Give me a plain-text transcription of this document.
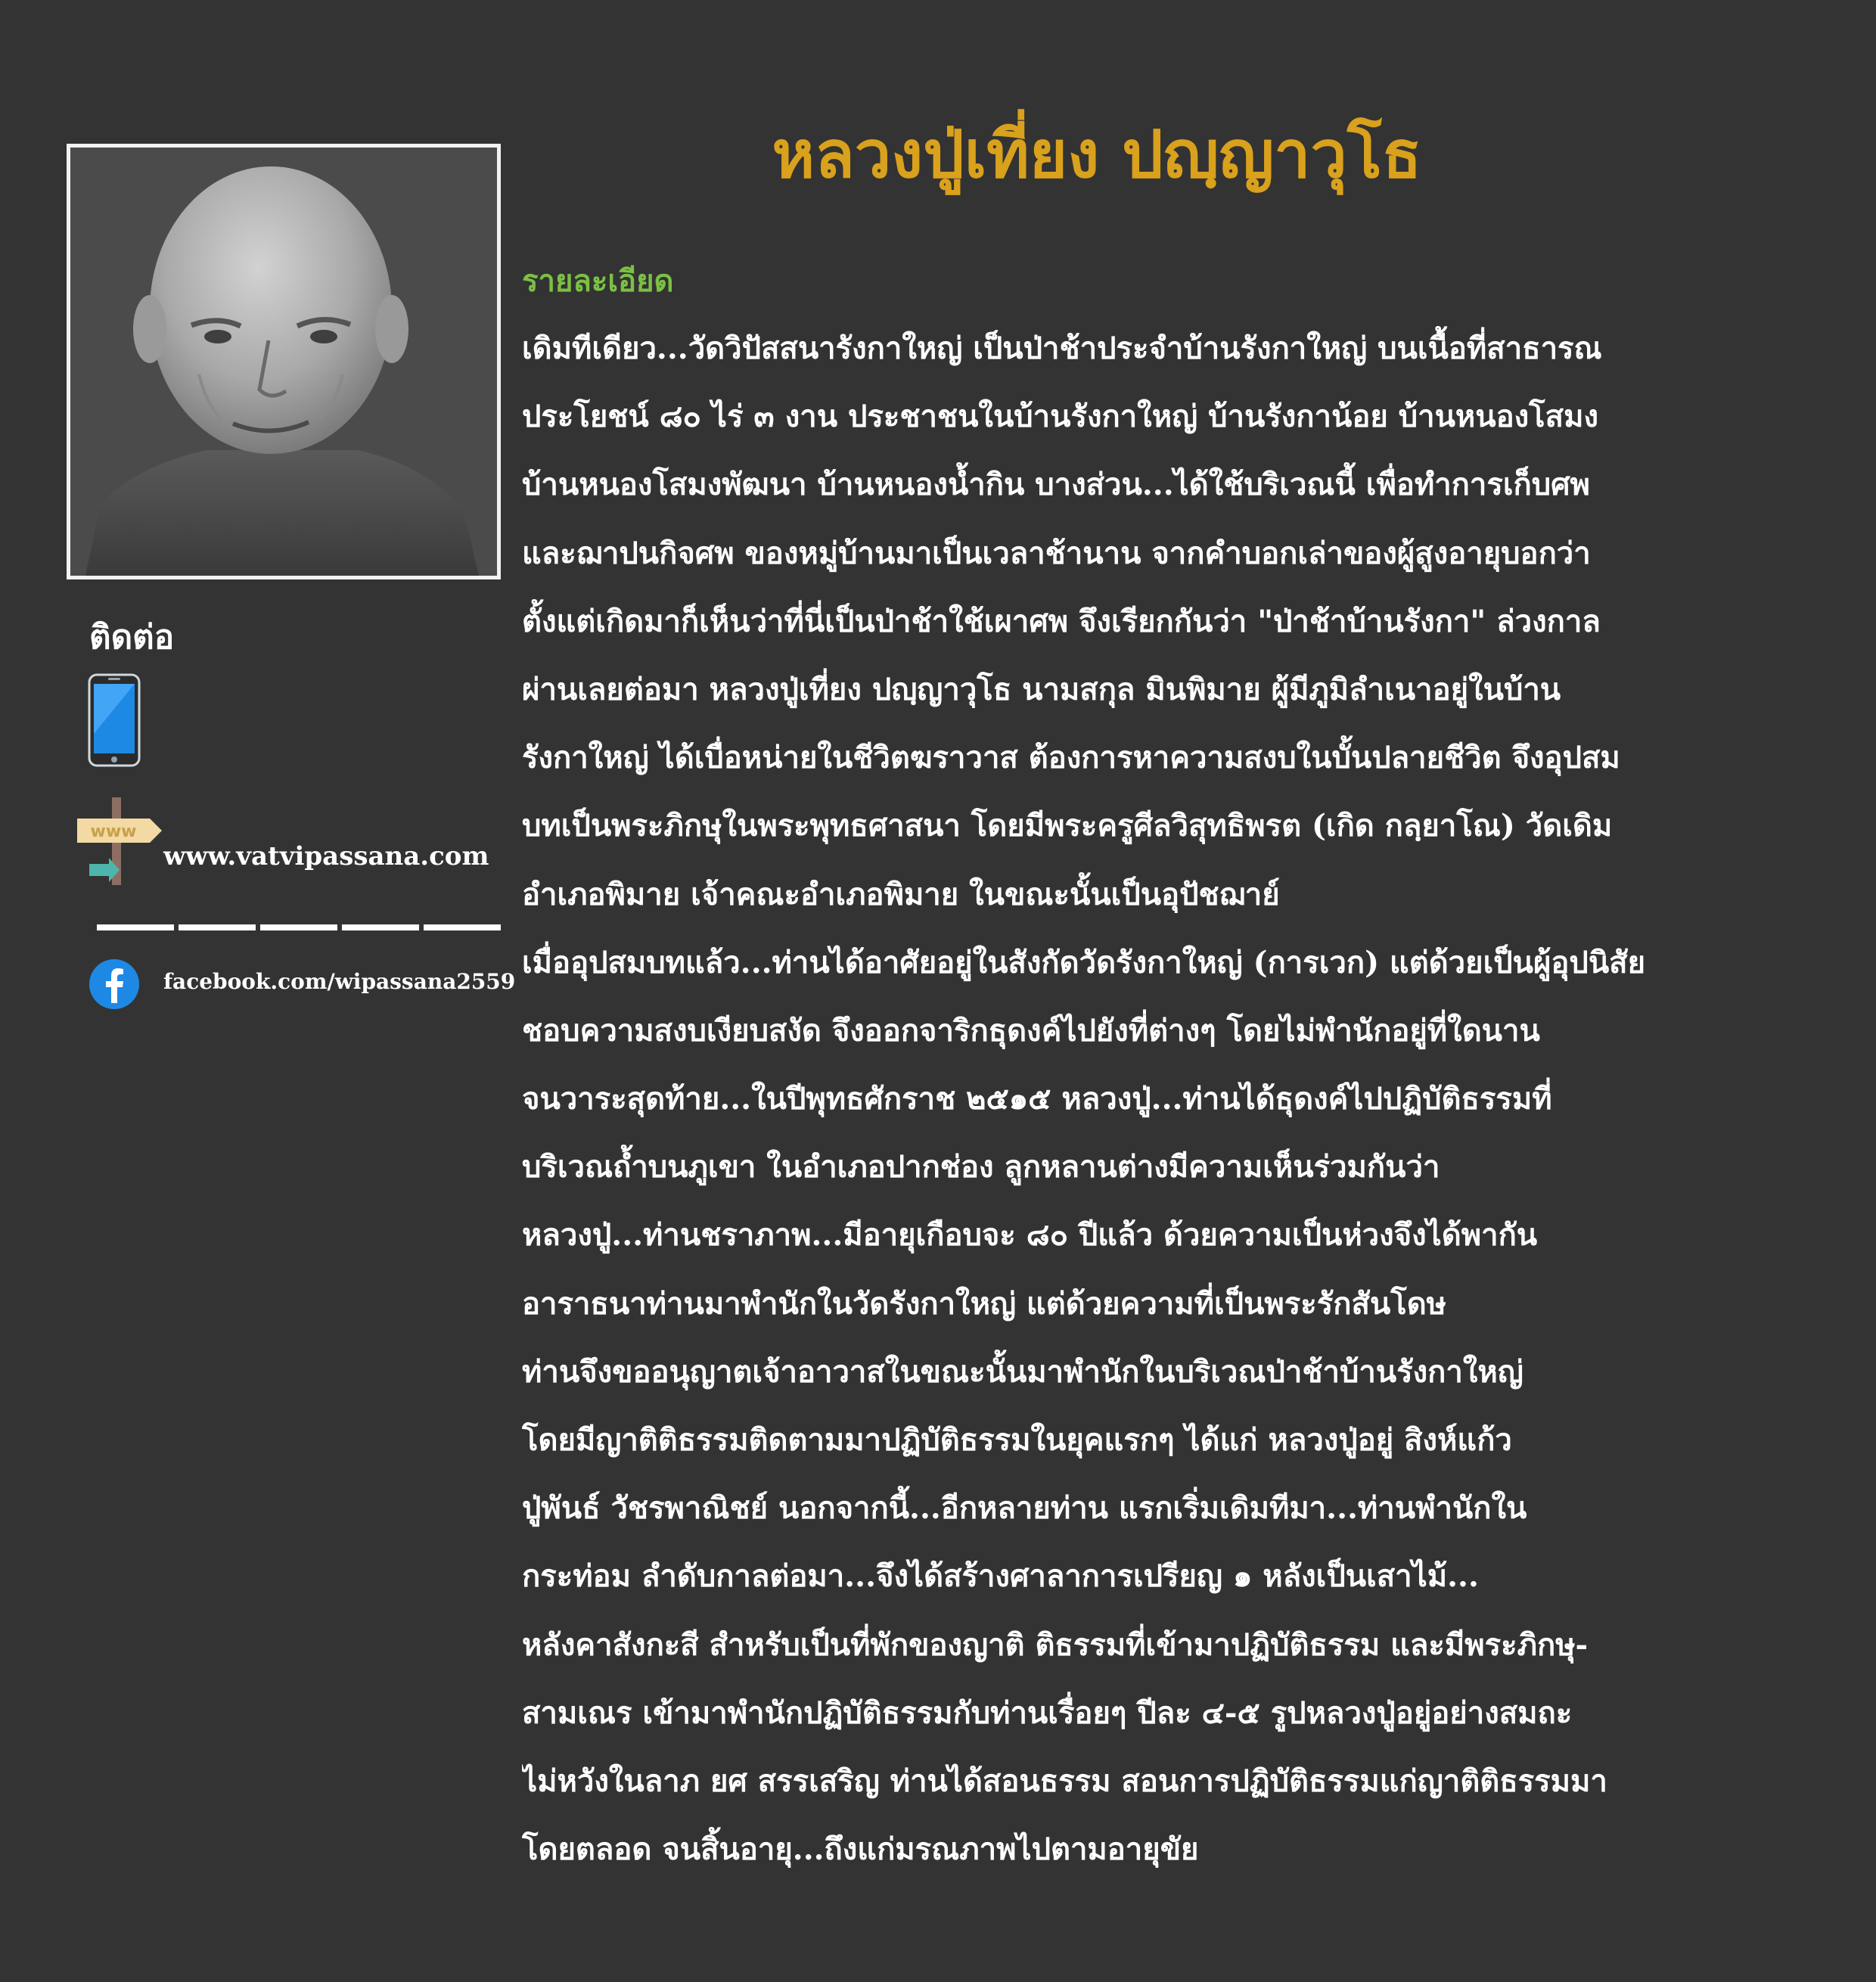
หลวงปู่เที่ยง ปญฺญาวุโธ
ติดต่อ
www
www.vatvipassana.com
facebook.com/wipassana2559
รายละเอียด
เดิมทีเดียว...วัดวิปัสสนารังกาใหญ่ เป็นป่าช้าประจำบ้านรังกาใหญ่ บนเนื้อที่สาธารณ
ประโยชน์ ๘๐ ไร่ ๓ งาน ประชาชนในบ้านรังกาใหญ่ บ้านรังกาน้อย บ้านหนองโสมง
บ้านหนองโสมงพัฒนา บ้านหนองน้ำกิน บางส่วน...ได้ใช้บริเวณนี้ เพื่อทำการเก็บศพ
และฌาปนกิจศพ ของหมู่บ้านมาเป็นเวลาช้านาน จากคำบอกเล่าของผู้สูงอายุบอกว่า
ตั้งแต่เกิดมาก็เห็นว่าที่นี่เป็นป่าช้าใช้เผาศพ จึงเรียกกันว่า "ป่าช้าบ้านรังกา" ล่วงกาล
ผ่านเลยต่อมา หลวงปู่เที่ยง ปญฺญาวุโธ นามสกุล มินพิมาย ผู้มีภูมิลำเนาอยู่ในบ้าน
รังกาใหญ่ ได้เบื่อหน่ายในชีวิตฆราวาส ต้องการหาความสงบในบั้นปลายชีวิต จึงอุปสม
บทเป็นพระภิกษุในพระพุทธศาสนา โดยมีพระครูศีลวิสุทธิพรต (เกิด กลฺยาโณ) วัดเดิม
อำเภอพิมาย เจ้าคณะอำเภอพิมาย ในขณะนั้นเป็นอุปัชฌาย์
เมื่ออุปสมบทแล้ว...ท่านได้อาศัยอยู่ในสังกัดวัดรังกาใหญ่ (การเวก) แต่ด้วยเป็นผู้อุปนิสัย
ชอบความสงบเงียบสงัด จึงออกจาริกธุดงค์ไปยังที่ต่างๆ โดยไม่พำนักอยู่ที่ใดนาน
จนวาระสุดท้าย...ในปีพุทธศักราช ๒๕๑๕ หลวงปู่...ท่านได้ธุดงค์ไปปฏิบัติธรรมที่
บริเวณถ้ำบนภูเขา ในอำเภอปากช่อง ลูกหลานต่างมีความเห็นร่วมกันว่า
หลวงปู่...ท่านชราภาพ...มีอายุเกือบจะ ๘๐ ปีแล้ว ด้วยความเป็นห่วงจึงได้พากัน
อาราธนาท่านมาพำนักในวัดรังกาใหญ่ แต่ด้วยความที่เป็นพระรักสันโดษ
ท่านจึงขออนุญาตเจ้าอาวาสในขณะนั้นมาพำนักในบริเวณป่าช้าบ้านรังกาใหญ่
โดยมีญาติติธรรมติดตามมาปฏิบัติธรรมในยุคแรกๆ ได้แก่ หลวงปู่อยู่ สิงห์แก้ว
ปู่พันธ์ วัชรพาณิชย์ นอกจากนี้...อีกหลายท่าน แรกเริ่มเดิมทีมา...ท่านพำนักใน
กระท่อม ลำดับกาลต่อมา...จึงได้สร้างศาลาการเปรียญ ๑ หลังเป็นเสาไม้...
หลังคาสังกะสี สำหรับเป็นที่พักของญาติ ติธรรมที่เข้ามาปฏิบัติธรรม และมีพระภิกษุ-
สามเณร เข้ามาพำนักปฏิบัติธรรมกับท่านเรื่อยๆ ปีละ ๔-๕ รูปหลวงปู่อยู่อย่างสมถะ
ไม่หวังในลาภ ยศ สรรเสริญ ท่านได้สอนธรรม สอนการปฏิบัติธรรมแก่ญาติติธรรมมา
โดยตลอด จนสิ้นอายุ...ถึงแก่มรณภาพไปตามอายุขัย
